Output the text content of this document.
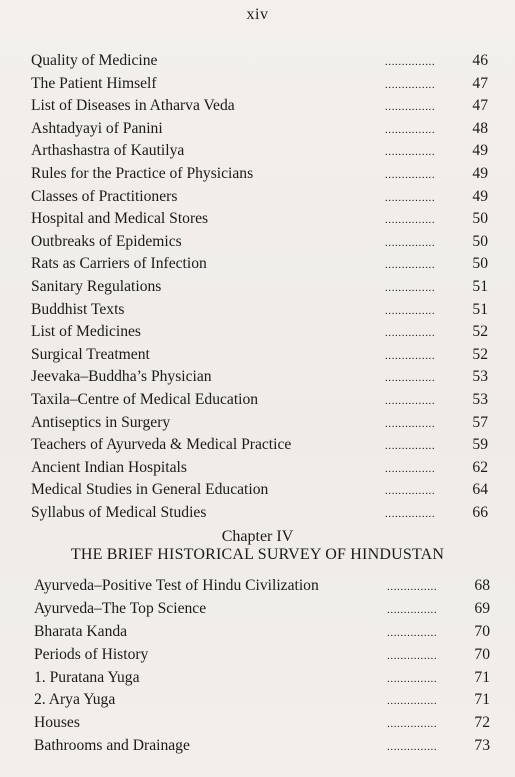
xiv
Quality of Medicine	...............	46
The Patient Himself	...............	47
List of Diseases in Atharva Veda	...............	47
Ashtadyayi of Panini	...............	48
Arthashastra of Kautilya	...............	49
Rules for the Practice of Physicians	...............	49
Classes of Practitioners	...............	49
Hospital and Medical Stores	...............	50
Outbreaks of Epidemics	...............	50
Rats as Carriers of Infection	...............	50
Sanitary Regulations	...............	51
Buddhist Texts	...............	51
List of Medicines	...............	52
Surgical Treatment	...............	52
Jeevaka–Buddha’s Physician	...............	53
Taxila–Centre of Medical Education	...............	53
Antiseptics in Surgery	...............	57
Teachers of Ayurveda & Medical Practice	...............	59
Ancient Indian Hospitals	...............	62
Medical Studies in General Education	...............	64
Syllabus of Medical Studies	...............	66
Chapter IV
THE BRIEF HISTORICAL SURVEY OF HINDUSTAN
Ayurveda–Positive Test of Hindu Civilization	...............	68
Ayurveda–The Top Science	...............	69
Bharata Kanda	...............	70
Periods of History	...............	70
1. Puratana Yuga	...............	71
2. Arya Yuga	...............	71
Houses	...............	72
Bathrooms and Drainage	...............	73
